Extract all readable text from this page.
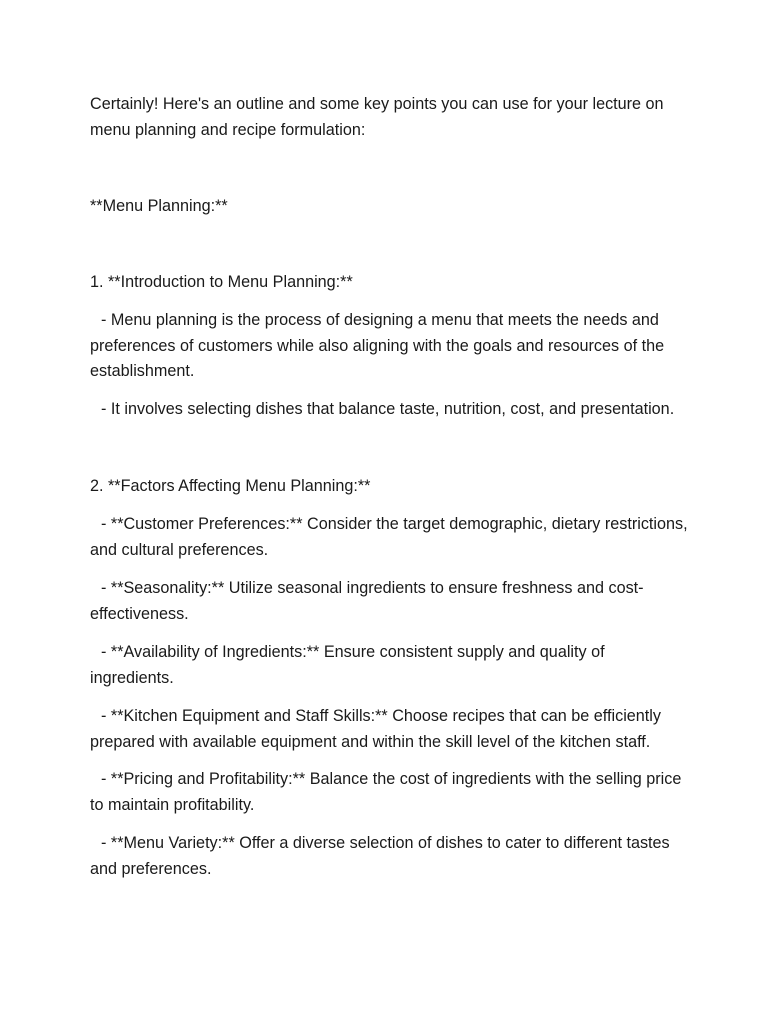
Certainly! Here's an outline and some key points you can use for your lecture on menu planning and recipe formulation:

**Menu Planning:**

1. **Introduction to Menu Planning:**

- Menu planning is the process of designing a menu that meets the needs and preferences of customers while also aligning with the goals and resources of the establishment.

- It involves selecting dishes that balance taste, nutrition, cost, and presentation.

2. **Factors Affecting Menu Planning:**

- **Customer Preferences:** Consider the target demographic, dietary restrictions, and cultural preferences.

- **Seasonality:** Utilize seasonal ingredients to ensure freshness and cost-effectiveness.

- **Availability of Ingredients:** Ensure consistent supply and quality of ingredients.

- **Kitchen Equipment and Staff Skills:** Choose recipes that can be efficiently prepared with available equipment and within the skill level of the kitchen staff.

- **Pricing and Profitability:** Balance the cost of ingredients with the selling price to maintain profitability.

- **Menu Variety:** Offer a diverse selection of dishes to cater to different tastes and preferences.
